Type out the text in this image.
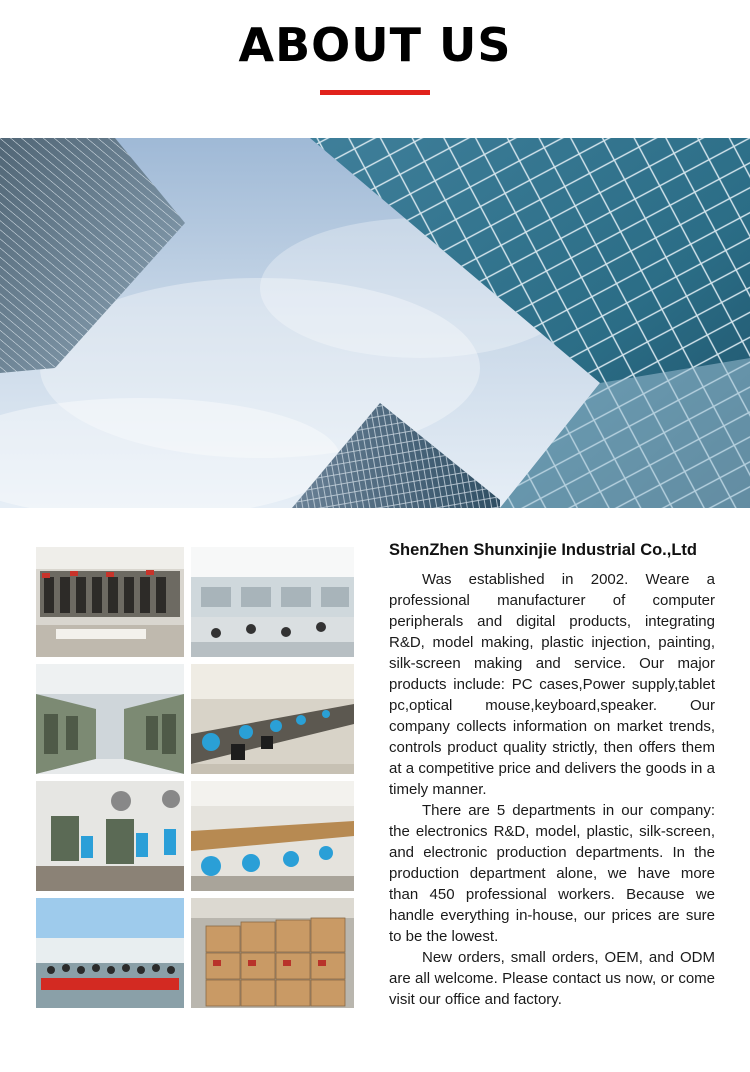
ABOUT US
ShenZhen Shunxinjie Industrial Co.,Ltd

Was established in 2002. Weare a professional manufacturer of computer peripherals and digital products, integrating R&D, model making, plastic injection, painting, silk-screen making and service. Our major products include: PC cases,Power supply,tablet pc,optical mouse,keyboard,speaker. Our company collects information on market trends, controls product quality strictly, then offers them at a competitive price and delivers the goods in a timely manner.

There are 5 departments in our company: the electronics R&D, model, plastic, silk-screen, and electronic production departments. In the production department alone, we have more than 450 professional workers. Because we handle everything in-house, our prices are sure to be the lowest.

New orders, small orders, OEM, and ODM are all welcome. Please contact us now, or come visit our office and factory.
